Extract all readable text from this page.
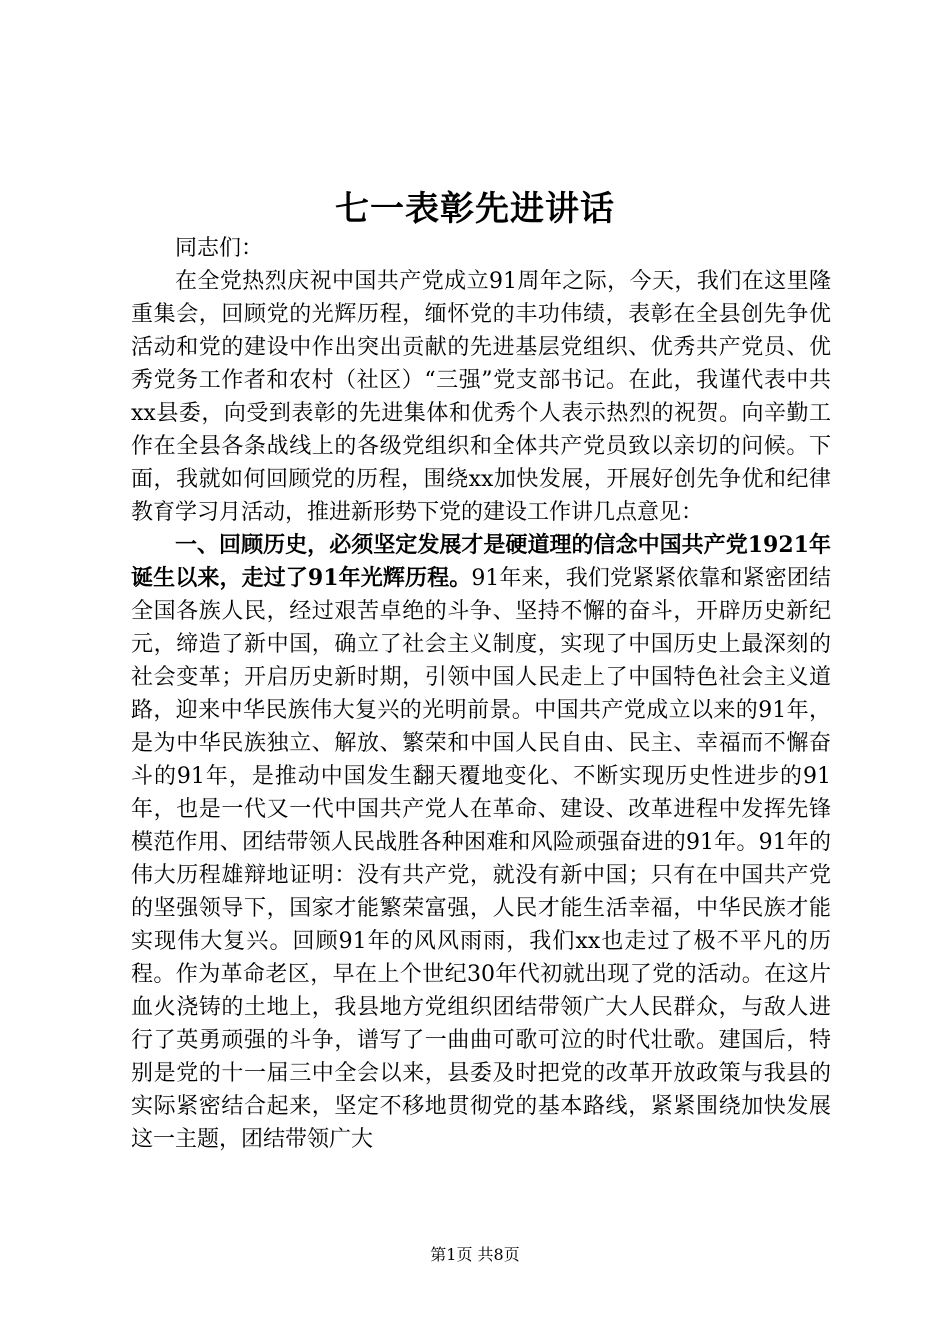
七一表彰先进讲话

同志们：

在全党热烈庆祝中国共产党成立91周年之际，今天，我们在这里隆重集会，回顾党的光辉历程，缅怀党的丰功伟绩，表彰在全县创先争优活动和党的建设中作出突出贡献的先进基层党组织、优秀共产党员、优秀党务工作者和农村（社区）“三强”党支部书记。在此，我谨代表中共xx县委，向受到表彰的先进集体和优秀个人表示热烈的祝贺。向辛勤工作在全县各条战线上的各级党组织和全体共产党员致以亲切的问候。下面，我就如何回顾党的历程，围绕xx加快发展，开展好创先争优和纪律教育学习月活动，推进新形势下党的建设工作讲几点意见：

一、回顾历史，必须坚定发展才是硬道理的信念中国共产党1921年诞生以来，走过了91年光辉历程。91年来，我们党紧紧依靠和紧密团结全国各族人民，经过艰苦卓绝的斗争、坚持不懈的奋斗，开辟历史新纪元，缔造了新中国，确立了社会主义制度，实现了中国历史上最深刻的社会变革；开启历史新时期，引领中国人民走上了中国特色社会主义道路，迎来中华民族伟大复兴的光明前景。中国共产党成立以来的91年，是为中华民族独立、解放、繁荣和中国人民自由、民主、幸福而不懈奋斗的91年，是推动中国发生翻天覆地变化、不断实现历史性进步的91年，也是一代又一代中国共产党人在革命、建设、改革进程中发挥先锋模范作用、团结带领人民战胜各种困难和风险顽强奋进的91年。91年的伟大历程雄辩地证明：没有共产党，就没有新中国；只有在中国共产党的坚强领导下，国家才能繁荣富强，人民才能生活幸福，中华民族才能实现伟大复兴。回顾91年的风风雨雨，我们xx也走过了极不平凡的历程。作为革命老区，早在上个世纪30年代初就出现了党的活动。在这片血火浇铸的土地上，我县地方党组织团结带领广大人民群众，与敌人进行了英勇顽强的斗争，谱写了一曲曲可歌可泣的时代壮歌。建国后，特别是党的十一届三中全会以来，县委及时把党的改革开放政策与我县的实际紧密结合起来，坚定不移地贯彻党的基本路线，紧紧围绕加快发展这一主题，团结带领广大

第1页 共8页
